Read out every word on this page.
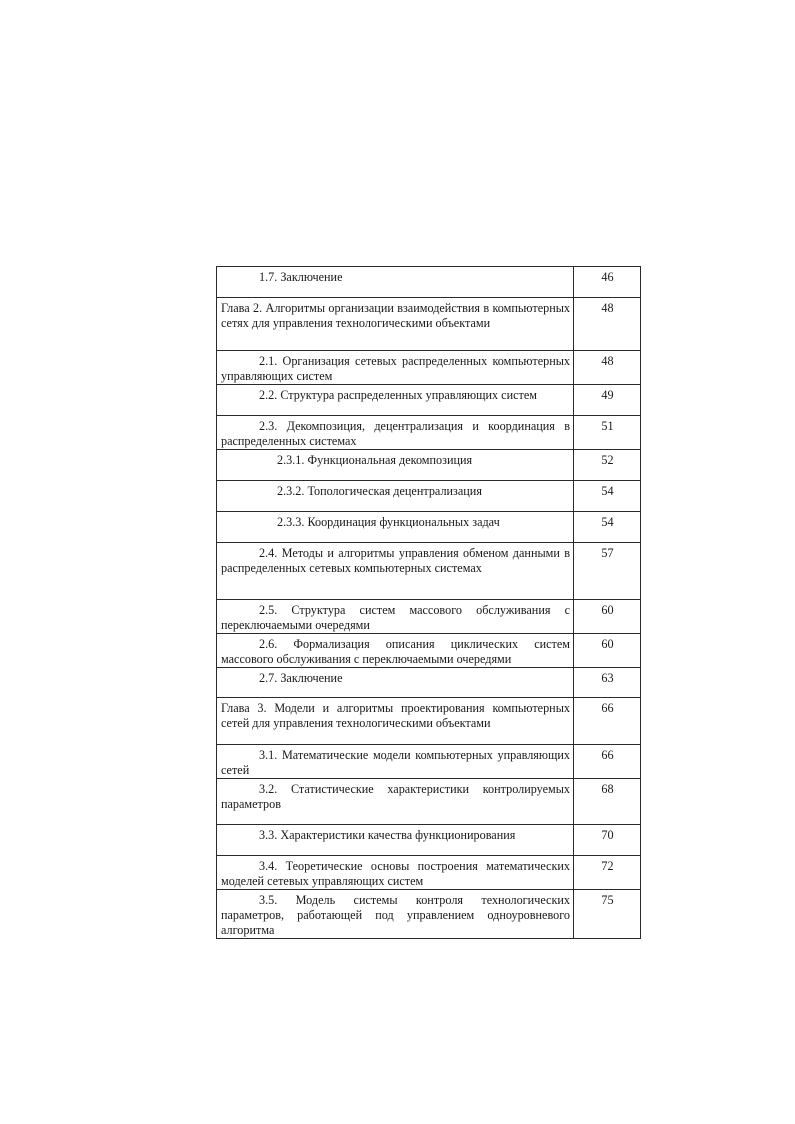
1.7. Заключение	46
Глава 2. Алгоритмы организации взаимодействия в компьютерных сетях для управления технологическими объектами	48
2.1. Организация сетевых распределенных компьютерных управляющих систем	48
2.2. Структура распределенных управляющих систем	49
2.3. Декомпозиция, децентрализация и координация в распределенных системах	51
2.3.1. Функциональная декомпозиция	52
2.3.2. Топологическая децентрализация	54
2.3.3. Координация функциональных задач	54
2.4. Методы и алгоритмы управления обменом данными в распределенных сетевых компьютерных системах	57
2.5. Структура систем массового обслуживания с переключаемыми очередями	60
2.6. Формализация описания циклических систем массового обслуживания с переключаемыми очередями	60
2.7. Заключение	63
Глава 3. Модели и алгоритмы проектирования компьютерных сетей для управления технологическими объектами	66
3.1. Математические модели компьютерных управляющих сетей	66
3.2. Статистические характеристики контролируемых параметров	68
3.3. Характеристики качества функционирования	70
3.4. Теоретические основы построения математических моделей сетевых управляющих систем	72
3.5. Модель системы контроля технологических параметров, работающей под управлением одноуровневого алгоритма	75
